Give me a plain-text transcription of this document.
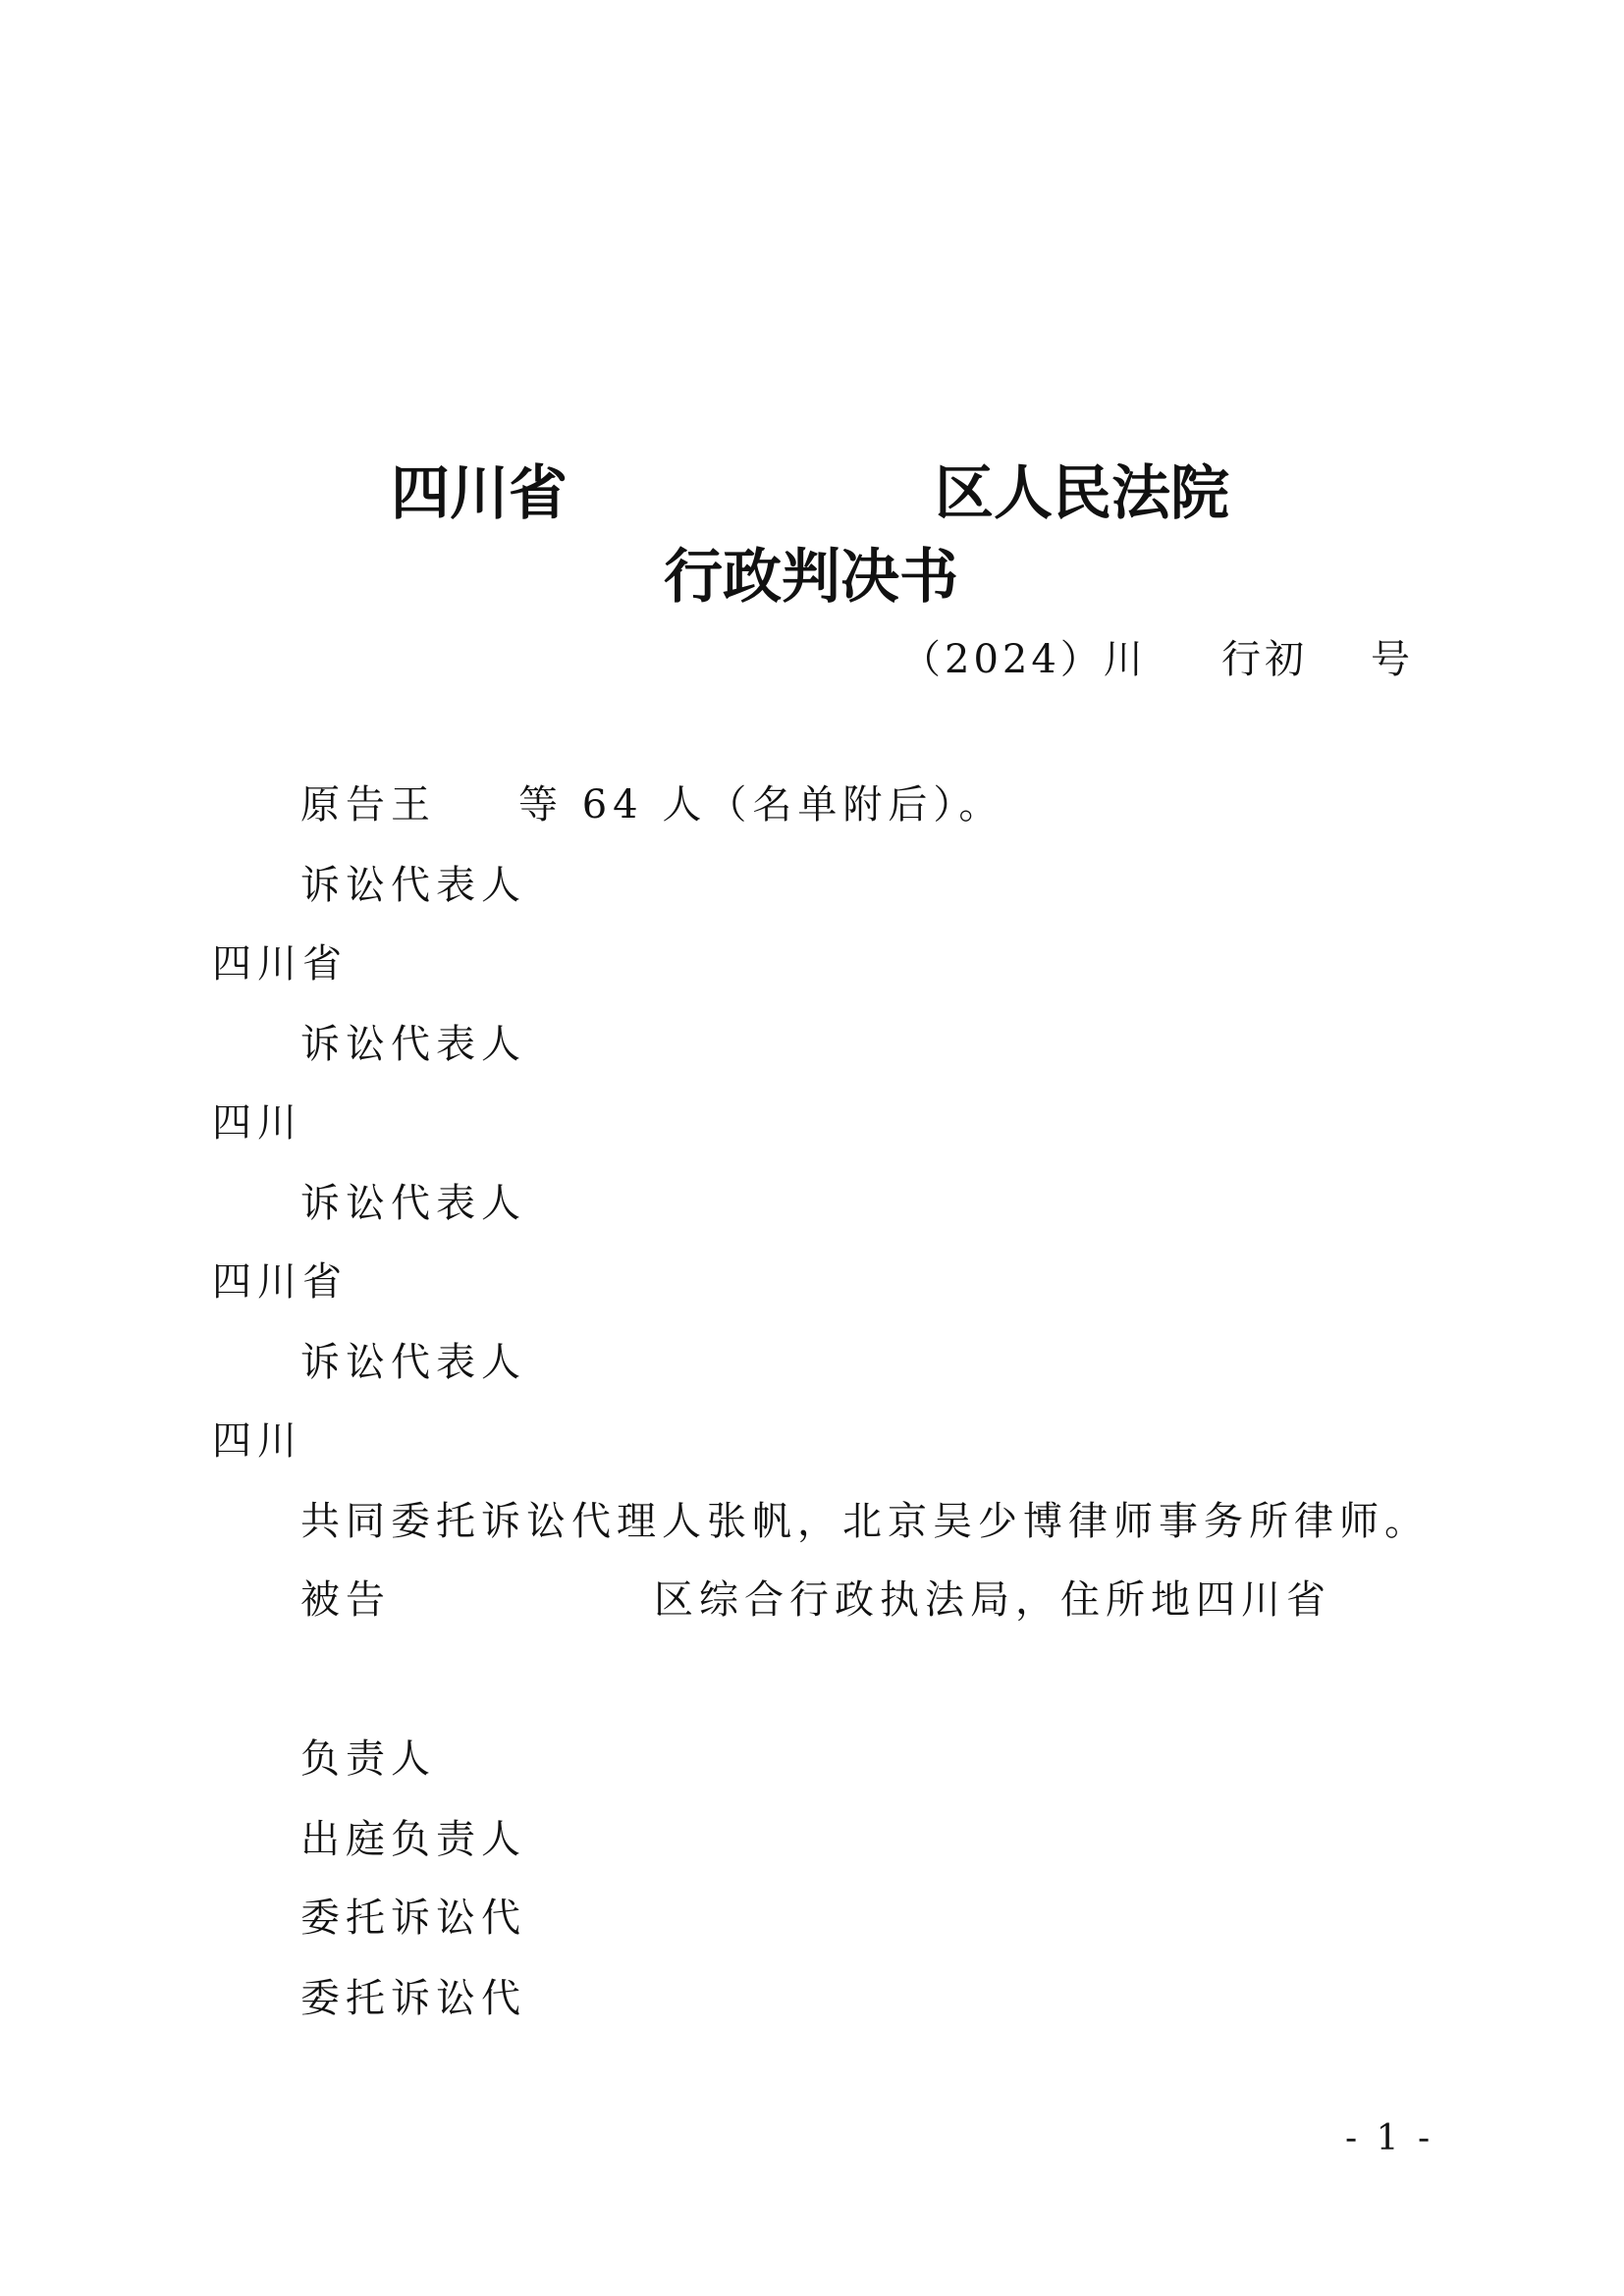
四川省	区人民法院
行政判决书
（2024）川 行初 号
原告王 等 64 人（名单附后）。
诉讼代表人
四川省
诉讼代表人
四川
诉讼代表人
四川省
诉讼代表人
四川
共同委托诉讼代理人张帆，北京吴少博律师事务所律师。
被告	区综合行政执法局，住所地四川省
负责人
出庭负责人
委托诉讼代
委托诉讼代
- 1 -
